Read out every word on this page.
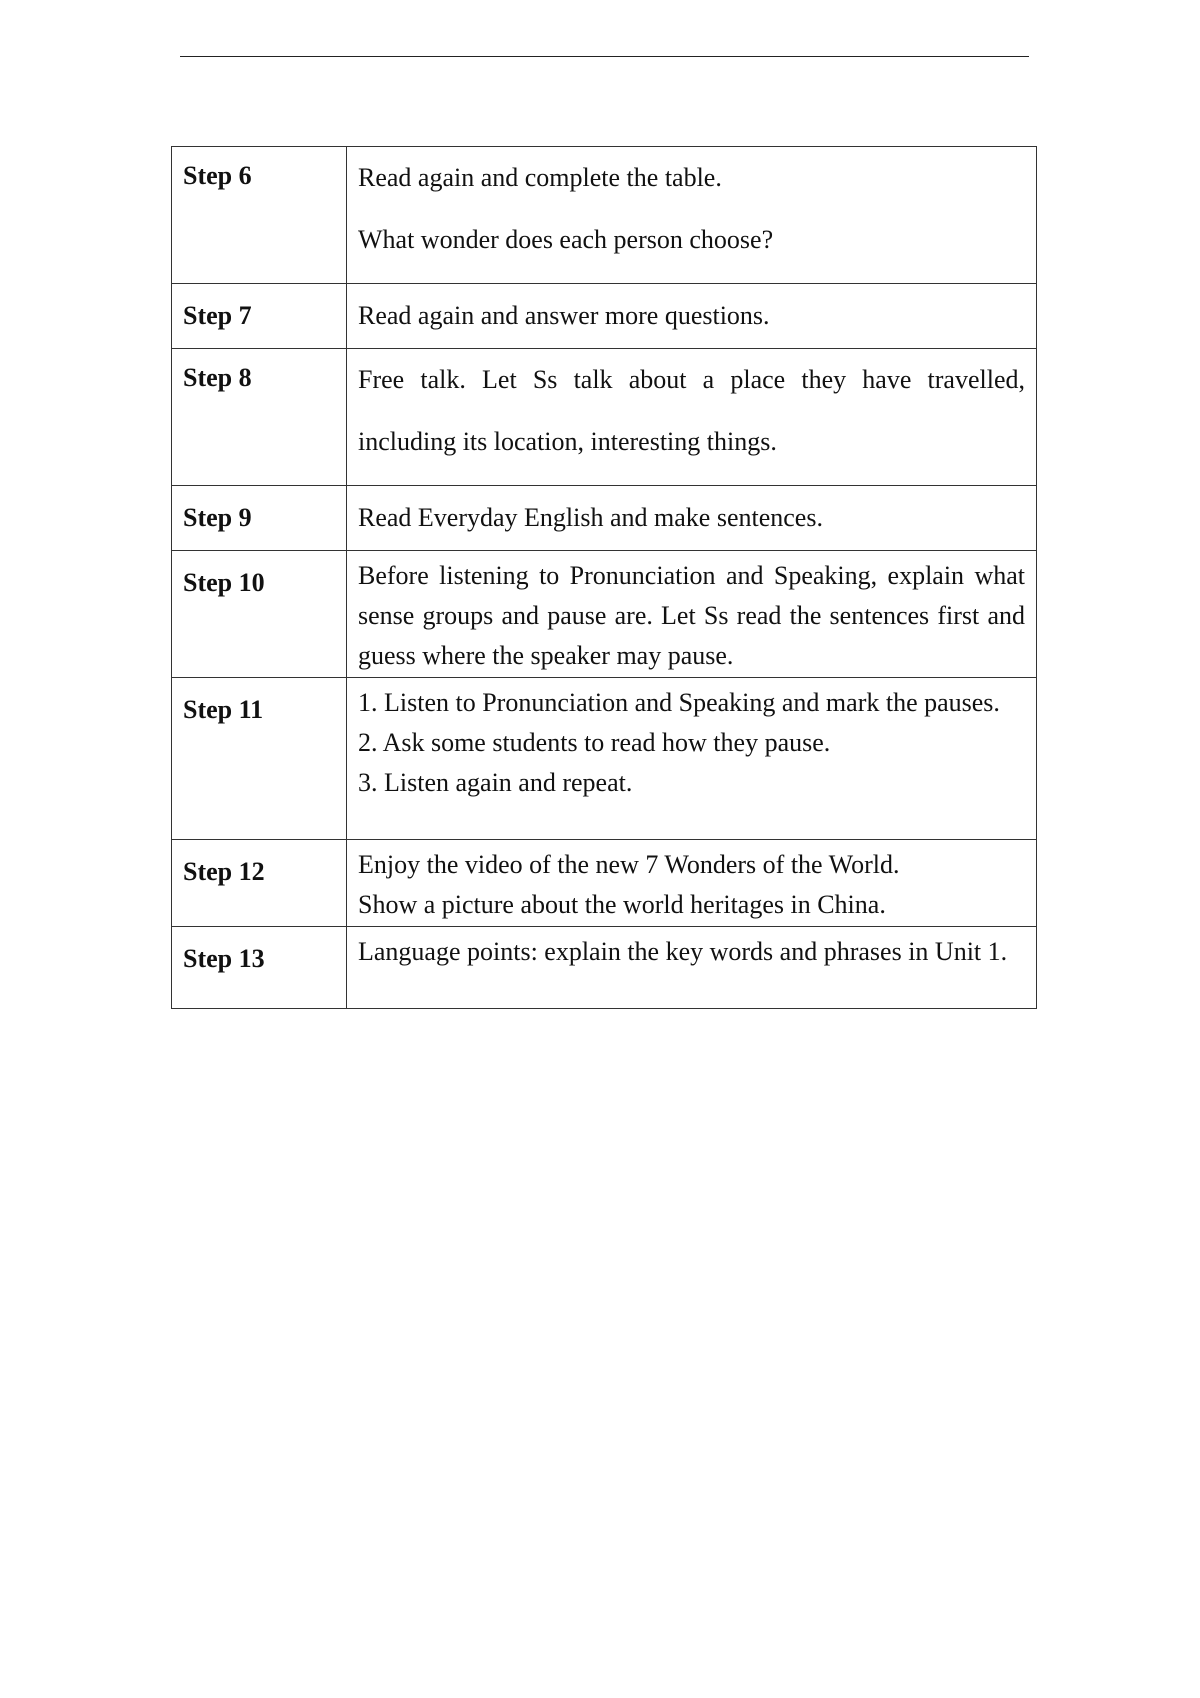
Step 6	Read again and complete the table.
What wonder does each person choose?

Step 7	Read again and answer more questions.

Step 8	Free talk. Let Ss talk about a place they have travelled,
including its location, interesting things.

Step 9	Read Everyday English and make sentences.

Step 10	Before listening to Pronunciation and Speaking, explain what sense groups and pause are. Let Ss read the sentences first and guess where the speaker may pause.

Step 11	1. Listen to Pronunciation and Speaking and mark the pauses.
2. Ask some students to read how they pause.
3. Listen again and repeat.

Step 12	Enjoy the video of the new 7 Wonders of the World.
Show a picture about the world heritages in China.

Step 13	Language points: explain the key words and phrases in Unit 1.
